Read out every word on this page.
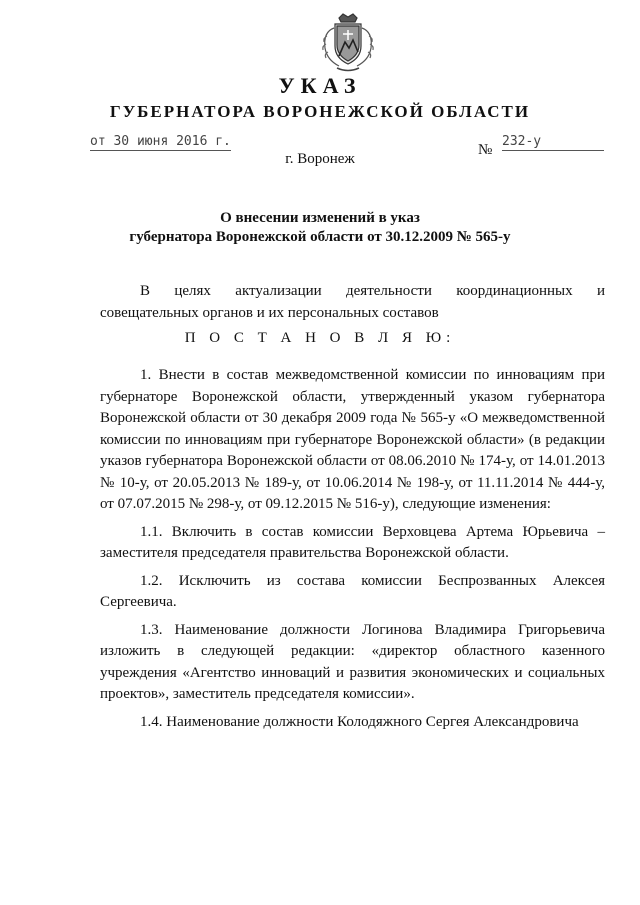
УКАЗ
ГУБЕРНАТОРА ВОРОНЕЖСКОЙ ОБЛАСТИ
от 30 июня 2016 г.
№
232-у
г. Воронеж
О внесении изменений в указ
губернатора Воронежской области от 30.12.2009 № 565-у

В целях актуализации деятельности координационных и

совещательных органов и их персональных составов

П О С Т А Н О В Л Я Ю:

1. Внести в состав межведомственной комиссии по инновациям при губернаторе Воронежской области, утвержденный указом губернатора Воронежской области от 30 декабря 2009 года № 565-у «О межведомственной комиссии по инновациям при губернаторе Воронежской области» (в редакции указов губернатора Воронежской области от 08.06.2010 № 174-у, от 14.01.2013 № 10-у, от 20.05.2013 № 189-у, от 10.06.2014 № 198-у, от 11.11.2014 № 444-у, от 07.07.2015 № 298-у, от 09.12.2015 № 516-у), следующие изменения:

1.1. Включить в состав комиссии Верховцева Артема Юрьевича – заместителя председателя правительства Воронежской области.

1.2. Исключить из состава комиссии Беспрозванных Алексея Сергеевича.

1.3. Наименование должности Логинова Владимира Григорьевича изложить в следующей редакции: «директор областного казенного учреждения «Агентство инноваций и развития экономических и социальных проектов», заместитель председателя комиссии».

1.4. Наименование должности Колодяжного Сергея Александровича
